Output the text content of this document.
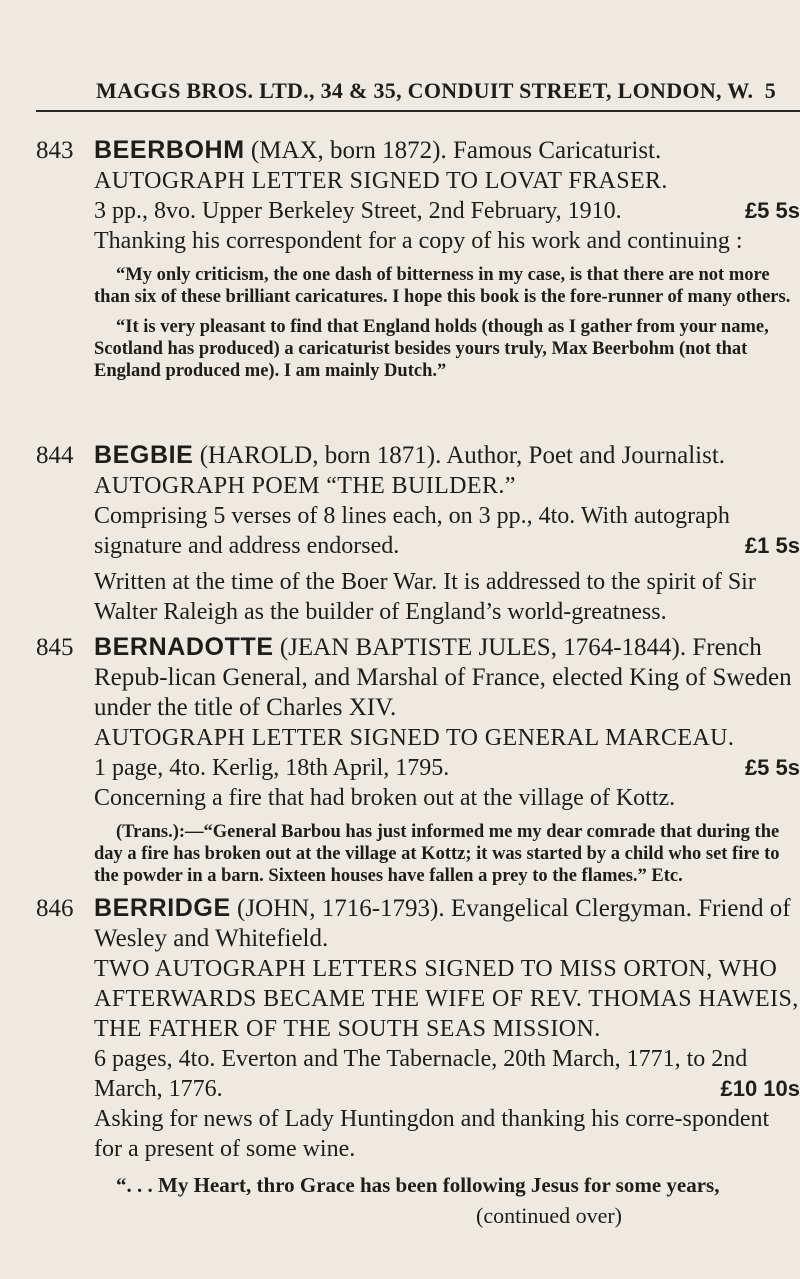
MAGGS BROS. LTD., 34 & 35, CONDUIT STREET, LONDON, W. 5

843 BEERBOHM (MAX, born 1872). Famous Caricaturist.

AUTOGRAPH LETTER SIGNED TO LOVAT FRASER.

3 pp., 8vo. Upper Berkeley Street, 2nd February, 1910.	£5 5s

Thanking his correspondent for a copy of his work and continuing :

“My only criticism, the one dash of bitterness in my case, is that there are not more than six of these brilliant caricatures. I hope this book is the fore-runner of many others.

“It is very pleasant to find that England holds (though as I gather from your name, Scotland has produced) a caricaturist besides yours truly, Max Beerbohm (not that England produced me). I am mainly Dutch.”

844 BEGBIE (HAROLD, born 1871). Author, Poet and Journalist.

AUTOGRAPH POEM “THE BUILDER.”

Comprising 5 verses of 8 lines each, on 3 pp., 4to. With autograph signature and address endorsed.	£1 5s

Written at the time of the Boer War. It is addressed to the spirit of Sir Walter Raleigh as the builder of England’s world-greatness.

845 BERNADOTTE (JEAN BAPTISTE JULES, 1764-1844). French Repub-lican General, and Marshal of France, elected King of Sweden under the title of Charles XIV.

AUTOGRAPH LETTER SIGNED TO GENERAL MARCEAU.

1 page, 4to. Kerlig, 18th April, 1795.	£5 5s

Concerning a fire that had broken out at the village of Kottz.

(Trans.):—“General Barbou has just informed me my dear comrade that during the day a fire has broken out at the village at Kottz; it was started by a child who set fire to the powder in a barn. Sixteen houses have fallen a prey to the flames.” Etc.

846 BERRIDGE (JOHN, 1716-1793). Evangelical Clergyman. Friend of Wesley and Whitefield.

TWO AUTOGRAPH LETTERS SIGNED TO MISS ORTON, WHO AFTERWARDS BECAME THE WIFE OF REV. THOMAS HAWEIS, THE FATHER OF THE SOUTH SEAS MISSION.

6 pages, 4to. Everton and The Tabernacle, 20th March, 1771, to 2nd March, 1776.	£10 10s

Asking for news of Lady Huntingdon and thanking his corre-spondent for a present of some wine.

“. . . My Heart, thro Grace has been following Jesus for some years,

(continued over)
